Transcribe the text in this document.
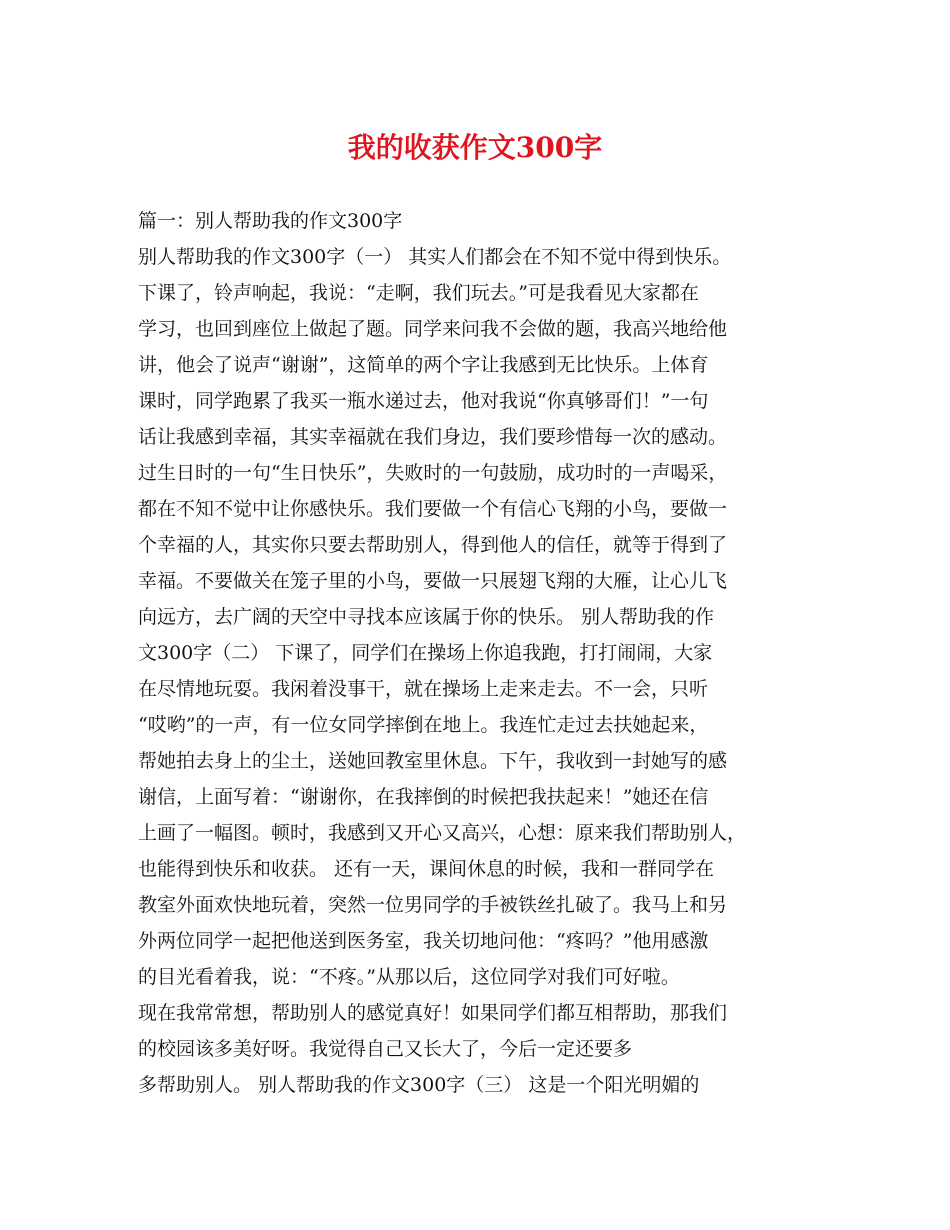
我的收获作文300字
篇一：别人帮助我的作文300字
别人帮助我的作文300字（一） 其实人们都会在不知不觉中得到快乐。
下课了，铃声响起，我说：“走啊，我们玩去。”可是我看见大家都在
学习，也回到座位上做起了题。同学来问我不会做的题，我高兴地给他
讲，他会了说声“谢谢”，这简单的两个字让我感到无比快乐。上体育
课时，同学跑累了我买一瓶水递过去，他对我说“你真够哥们！”一句
话让我感到幸福，其实幸福就在我们身边，我们要珍惜每一次的感动。
过生日时的一句“生日快乐”，失败时的一句鼓励，成功时的一声喝采，
都在不知不觉中让你感快乐。我们要做一个有信心飞翔的小鸟，要做一
个幸福的人，其实你只要去帮助别人，得到他人的信任，就等于得到了
幸福。不要做关在笼子里的小鸟，要做一只展翅飞翔的大雁，让心儿飞
向远方，去广阔的天空中寻找本应该属于你的快乐。 别人帮助我的作
文300字（二） 下课了，同学们在操场上你追我跑，打打闹闹，大家
在尽情地玩耍。我闲着没事干，就在操场上走来走去。不一会，只听
“哎哟”的一声，有一位女同学摔倒在地上。我连忙走过去扶她起来，
帮她拍去身上的尘土，送她回教室里休息。下午，我收到一封她写的感
谢信，上面写着：“谢谢你，在我摔倒的时候把我扶起来！”她还在信
上画了一幅图。顿时，我感到又开心又高兴，心想：原来我们帮助别人，
也能得到快乐和收获。 还有一天，课间休息的时候，我和一群同学在
教室外面欢快地玩着，突然一位男同学的手被铁丝扎破了。我马上和另
外两位同学一起把他送到医务室，我关切地问他：“疼吗？”他用感激
的目光看着我，说：“不疼。”从那以后，这位同学对我们可好啦。
现在我常常想，帮助别人的感觉真好！如果同学们都互相帮助，那我们
的校园该多美好呀。我觉得自己又长大了，今后一定还要多
多帮助别人。 别人帮助我的作文300字（三） 这是一个阳光明媚的
